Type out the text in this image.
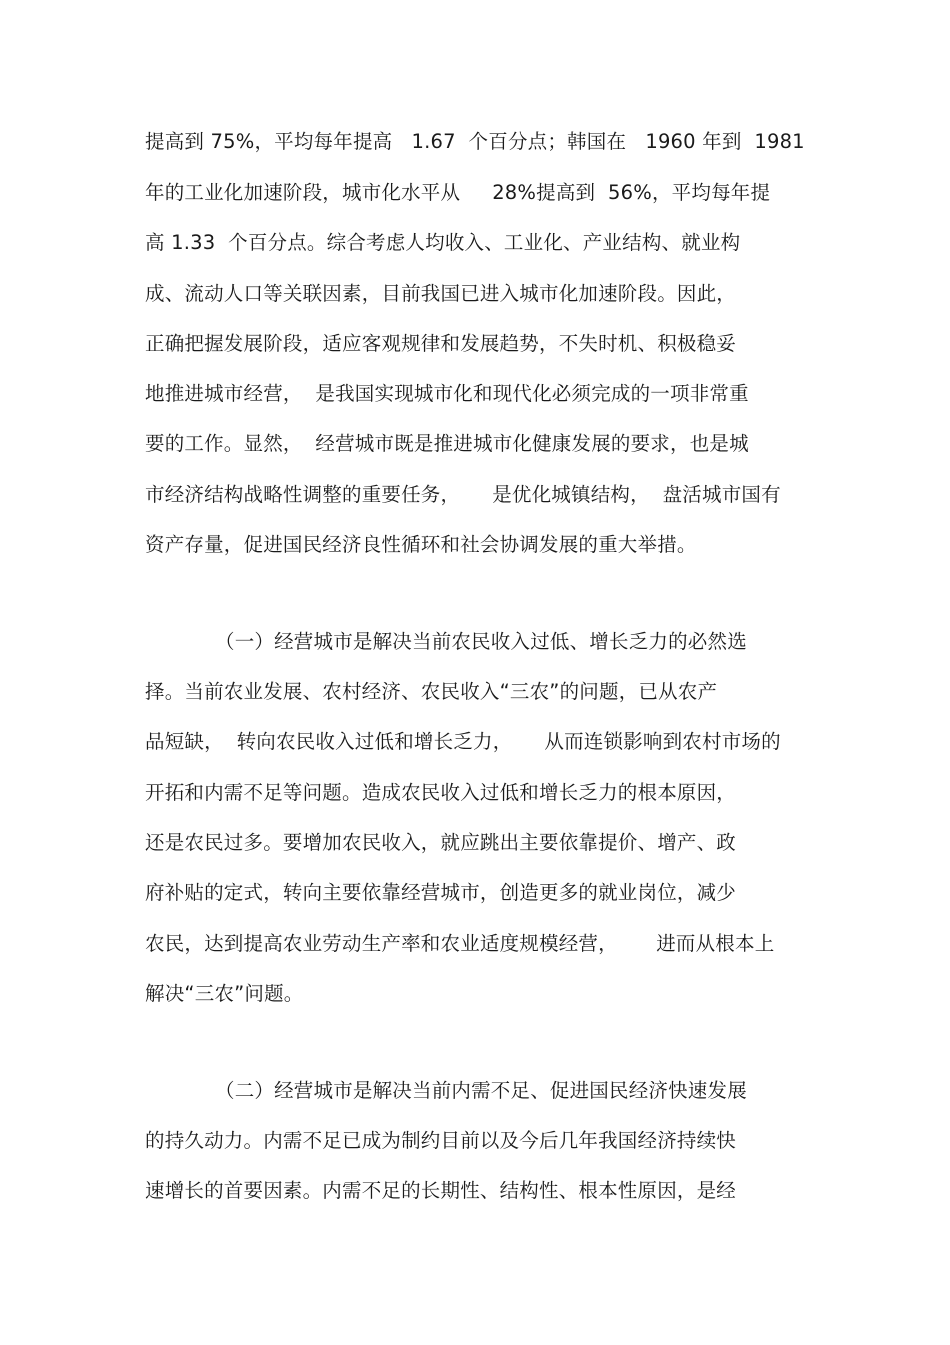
提高到 75%，平均每年提高   1.67  个百分点；韩国在   1960 年到  1981
年的工业化加速阶段，城市化水平从     28%提高到  56%，平均每年提
高 1.33  个百分点。综合考虑人均收入、工业化、产业结构、就业构
成、流动人口等关联因素，目前我国已进入城市化加速阶段。因此，
正确把握发展阶段，适应客观规律和发展趋势，不失时机、积极稳妥
地推进城市经营，  是我国实现城市化和现代化必须完成的一项非常重
要的工作。显然，  经营城市既是推进城市化健康发展的要求，也是城
市经济结构战略性调整的重要任务，     是优化城镇结构，  盘活城市国有
资产存量，促进国民经济良性循环和社会协调发展的重大举措。
（一）经营城市是解决当前农民收入过低、增长乏力的必然选
择。当前农业发展、农村经济、农民收入“三农”的问题，已从农产
品短缺，  转向农民收入过低和增长乏力，     从而连锁影响到农村市场的
开拓和内需不足等问题。造成农民收入过低和增长乏力的根本原因，
还是农民过多。要增加农民收入，就应跳出主要依靠提价、增产、政
府补贴的定式，转向主要依靠经营城市，创造更多的就业岗位，减少
农民，达到提高农业劳动生产率和农业适度规模经营，      进而从根本上
解决“三农”问题。
（二）经营城市是解决当前内需不足、促进国民经济快速发展
的持久动力。内需不足已成为制约目前以及今后几年我国经济持续快
速增长的首要因素。内需不足的长期性、结构性、根本性原因，是经
